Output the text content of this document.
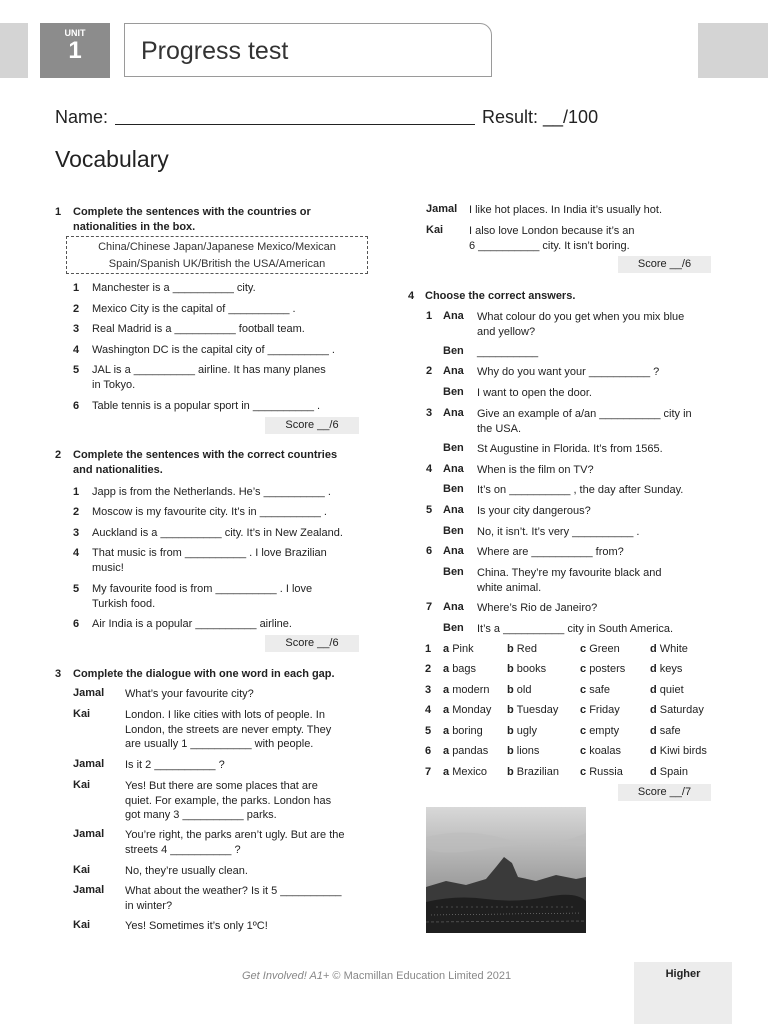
UNIT
1	Progress test
Name:	Result: __/100
Vocabulary
1 Complete the sentences with the countries or
nationalities in the box.
China/Chinese Japan/Japanese Mexico/Mexican
Spain/Spanish UK/British the USA/American
1 Manchester is a __________ city.
2 Mexico City is the capital of __________ .
3 Real Madrid is a __________ football team.
4 Washington DC is the capital city of __________ .
5 JAL is a __________ airline. It has many planes
in Tokyo.
6 Table tennis is a popular sport in __________ .
Score __/6
2 Complete the sentences with the correct countries
and nationalities.
1 Japp is from the Netherlands. He’s __________ .
2 Moscow is my favourite city. It’s in __________ .
3 Auckland is a __________ city. It’s in New Zealand.
4 That music is from __________ . I love Brazilian
music!
5 My favourite food is from __________ . I love
Turkish food.
6 Air India is a popular __________ airline.
Score __/6
3 Complete the dialogue with one word in each gap.
Jamal What’s your favourite city?
Kai	London. I like cities with lots of people. In
London, the streets are never empty. They
are usually 1 __________ with people.
Jamal Is it 2 __________ ?
Kai	Yes! But there are some places that are
quiet. For example, the parks. London has
got many 3 __________ parks.
Jamal You’re right, the parks aren’t ugly. But are the
streets 4 __________ ?
Kai	No, they’re usually clean.
Jamal What about the weather? Is it 5 __________
in winter?
Kai	Yes! Sometimes it’s only 1ºC!
Jamal I like hot places. In India it’s usually hot.
Kai I also love London because it’s an
6 __________ city. It isn’t boring.
Score __/6
4 Choose the correct answers.
1 Ana What colour do you get when you mix blue
and yellow?
Ben __________
2 Ana Why do you want your __________ ?
Ben I want to open the door.
3 Ana Give an example of a/an __________ city in
the USA.
Ben St Augustine in Florida. It’s from 1565.
4 Ana When is the film on TV?
Ben It’s on __________ , the day after Sunday.
5 Ana Is your city dangerous?
Ben No, it isn’t. It’s very __________ .
6 Ana Where are __________ from?
Ben China. They’re my favourite black and
white animal.
7 Ana Where’s Rio de Janeiro?
Ben It’s a __________ city in South America.
1 a Pink	b Red	c Green	d White
2 a bags	b books	c posters d keys
3 a modern b old	c safe	d quiet
4 a Monday b Tuesday c Friday	d Saturday
5 a boring b ugly	c empty	d safe
6 a pandas b lions	c koalas	d Kiwi birds
7 a Mexico b Brazilian c Russia d Spain
Score __/7
Get Involved! A1+ © Macmillan Education Limited 2021	Higher
